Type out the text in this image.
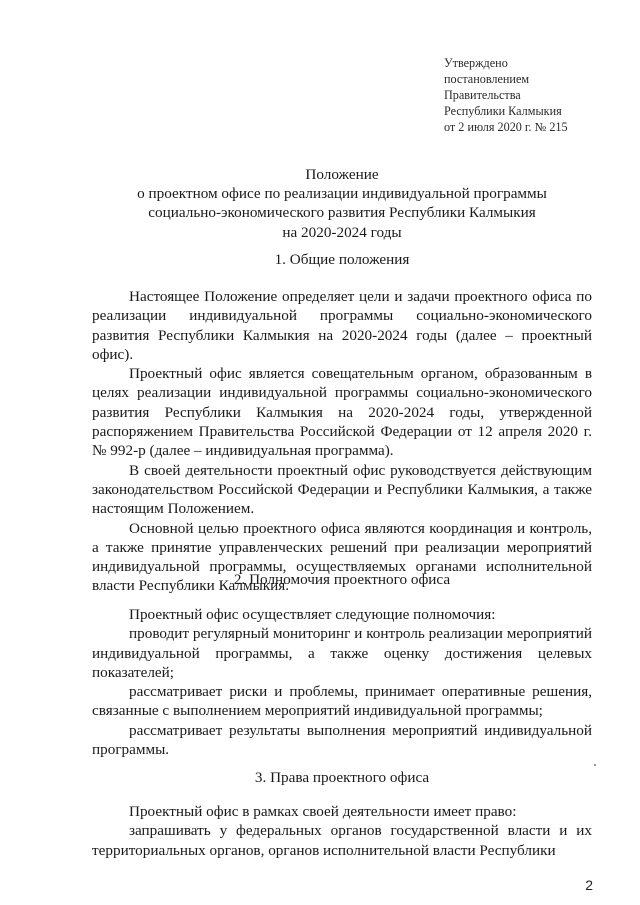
Утверждено
постановлением
Правительства
Республики Калмыкия
от 2 июля 2020 г. № 215
Положение
о проектном офисе по реализации индивидуальной программы
социально-экономического развития Республики Калмыкия
на 2020-2024 годы
1. Общие положения

Настоящее Положение определяет цели и задачи проектного офиса по реализации индивидуальной программы социально-экономического развития Республики Калмыкия на 2020-2024 годы (далее – проектный офис).

Проектный офис является совещательным органом, образованным в целях реализации индивидуальной программы социально-экономического развития Республики Калмыкия на 2020-2024 годы, утвержденной распоряжением Правительства Российской Федерации от 12 апреля 2020 г. № 992-р (далее – индивидуальная программа).

В своей деятельности проектный офис руководствуется действующим законодательством Российской Федерации и Республики Калмыкия, а также настоящим Положением.

Основной целью проектного офиса являются координация и контроль, а также принятие управленческих решений при реализации мероприятий индивидуальной программы, осуществляемых органами исполнительной власти Республики Калмыкия.

2. Полномочия проектного офиса

Проектный офис осуществляет следующие полномочия:

проводит регулярный мониторинг и контроль реализации мероприятий индивидуальной программы, а также оценку достижения целевых показателей;

рассматривает риски и проблемы, принимает оперативные решения, связанные с выполнением мероприятий индивидуальной программы;

рассматривает результаты выполнения мероприятий индивидуальной программы.

3. Права проектного офиса

Проектный офис в рамках своей деятельности имеет право:

запрашивать у федеральных органов государственной власти и их территориальных органов, органов исполнительной власти Республики

2
